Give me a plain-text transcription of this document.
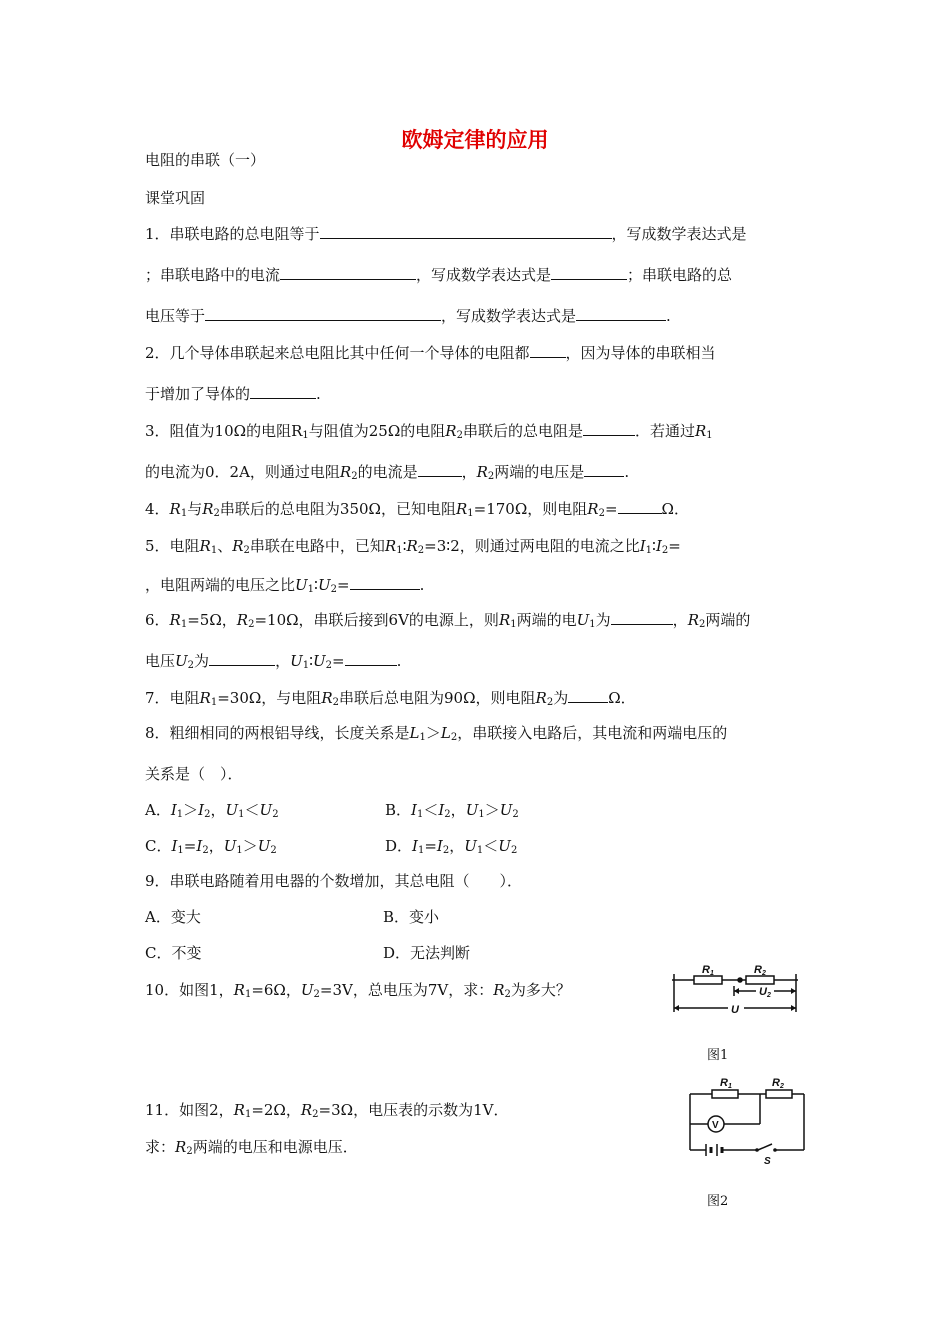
欧姆定律的应用
电阻的串联（一）
课堂巩固
1．串联电路的总电阻等于	，写成数学表达式是
；串联电路中的电流	，写成数学表达式是	；串联电路的总
电压等于	，写成数学表达式是	.
2．几个导体串联起来总电阻比其中任何一个导体的电阻都 ，因为导体的串联相当
于增加了导体的	.
3．阻值为10Ω的电阻$R_1$与阻值为25Ω的电阻$R_2$串联后的总电阻是	．若通过$R_1$
的电流为0．2A，则通过电阻$R_2$的电流是	，$R_2$两端的电压是	.
4．$R_1$与$R_2$串联后的总电阻为350Ω，已知电阻$R_1=170\Omega$，则电阻$R_2=$	Ω．
5．电阻$R_1$、$R_2$串联在电路中，已知$R_1∶R_2=3∶2$，则通过两电阻的电流之比$I_1∶I_2=$
，电阻两端的电压之比$U_1∶U_2=$	.
6．$R_1=5\Omega$，$R_2=10\Omega$，串联后接到6V的电源上，则$R_1$两端的电$U_1$为	，$R_2$两端的
电压$U_2$为	，$U_1∶U_2=$	.
7．电阻$R_1=30\Omega$，与电阻$R_2$串联后总电阻为90Ω，则电阻$R_2$为	Ω．
8．粗细相同的两根铝导线，长度关系是$L_1>L_2$，串联接入电路后，其电流和两端电压的
关系是（　）．
A．$I_1>I_2$，$U_1<U_2$	B．$I_1<I_2$，$U_1>U_2$
C．$I_1=I_2$，$U_1>U_2$	D．$I_1=I_2$，$U_1<U_2$
9．串联电路随着用电器的个数增加，其总电阻（　　）．
A．变大	B．变小
C．不变	D．无法判断
10．如图1，$R_1=6\Omega$，$U_2=3V$，总电压为7V，求：$R_2$为多大？
R1	R2
U2
U
图1
11．如图2，$R_1=2\Omega$，$R_2=3\Omega$，电压表的示数为1V．
求：$R_2$两端的电压和电源电压．
V
R1	R2
S
图2
